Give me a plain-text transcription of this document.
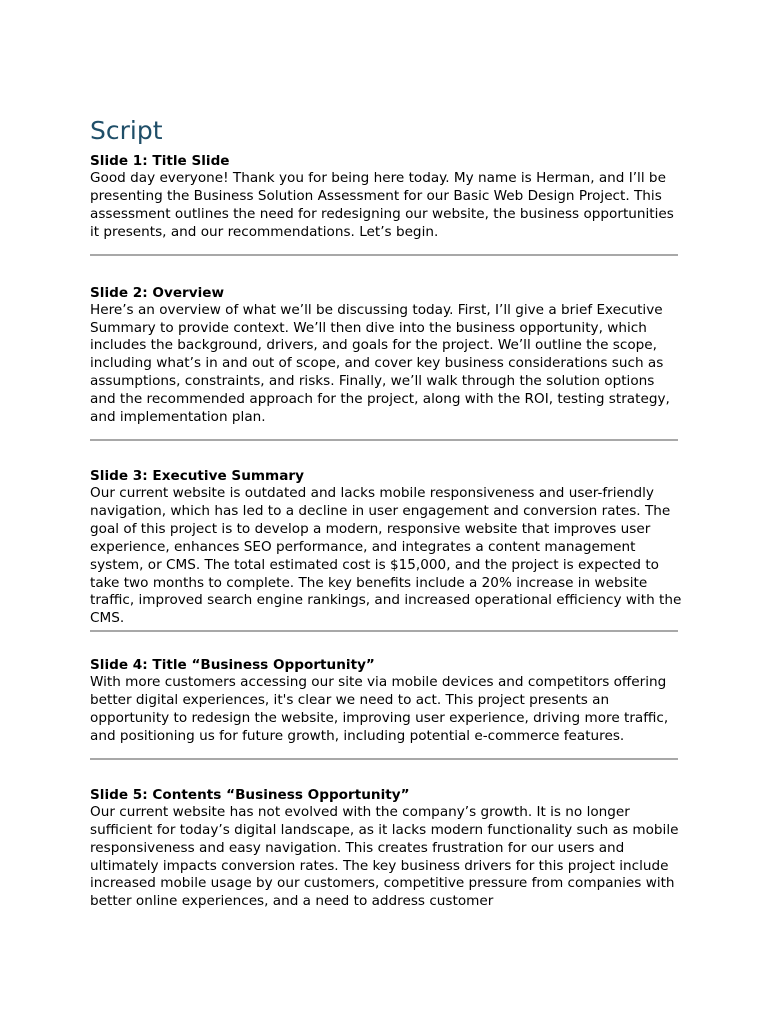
Script

Slide 1: Title Slide

Good day everyone! Thank you for being here today. My name is Herman, and I’ll be presenting the Business Solution Assessment for our Basic Web Design Project. This assessment outlines the need for redesigning our website, the business opportunities it presents, and our recommendations. Let’s begin.

Slide 2: Overview

Here’s an overview of what we’ll be discussing today. First, I’ll give a brief Executive Summary to provide context. We’ll then dive into the business opportunity, which includes the background, drivers, and goals for the project. We’ll outline the scope, including what’s in and out of scope, and cover key business considerations such as assumptions, constraints, and risks. Finally, we’ll walk through the solution options and the recommended approach for the project, along with the ROI, testing strategy, and implementation plan.

Slide 3: Executive Summary

Our current website is outdated and lacks mobile responsiveness and user-friendly navigation, which has led to a decline in user engagement and conversion rates. The goal of this project is to develop a modern, responsive website that improves user experience, enhances SEO performance, and integrates a content management system, or CMS. The total estimated cost is $15,000, and the project is expected to take two months to complete. The key benefits include a 20% increase in website traffic, improved search engine rankings, and increased operational efficiency with the CMS.

Slide 4: Title “Business Opportunity”

With more customers accessing our site via mobile devices and competitors offering better digital experiences, it's clear we need to act. This project presents an opportunity to redesign the website, improving user experience, driving more traffic, and positioning us for future growth, including potential e-commerce features.

Slide 5: Contents “Business Opportunity”

Our current website has not evolved with the company’s growth. It is no longer sufficient for today’s digital landscape, as it lacks modern functionality such as mobile responsiveness and easy navigation. This creates frustration for our users and ultimately impacts conversion rates. The key business drivers for this project include increased mobile usage by our customers, competitive pressure from companies with better online experiences, and a need to address customer
